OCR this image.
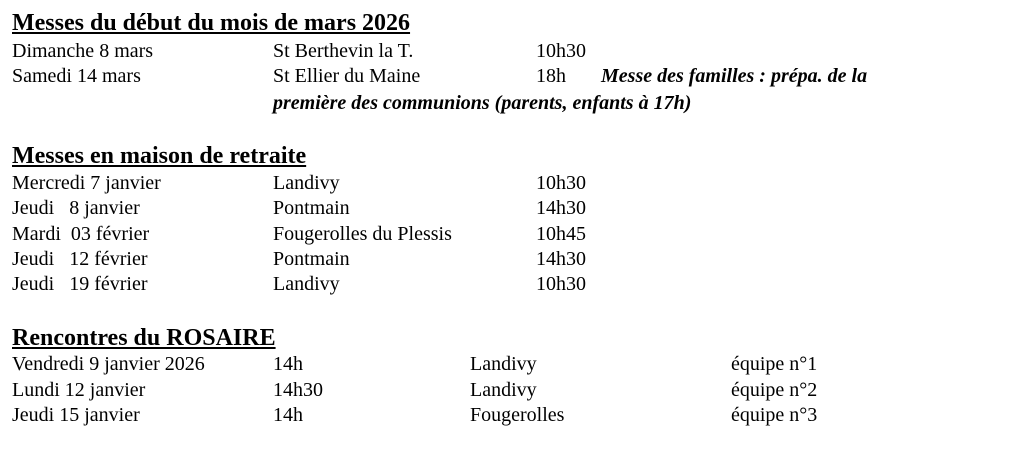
Messes du début du mois de mars 2026
Dimanche 8 mars	St Berthevin la T.	10h30
Samedi 14 mars	St Ellier du Maine	18h Messe des familles : prépa. de la
première des communions (parents, enfants à 17h)
Messes en maison de retraite
Mercredi 7 janvier	Landivy	10h30
Jeudi   8 janvier	Pontmain	14h30
Mardi  03 février	Fougerolles du Plessis	10h45
Jeudi   12 février	Pontmain	14h30
Jeudi   19 février	Landivy	10h30
Rencontres du ROSAIRE
Vendredi 9 janvier 2026	14h	Landivy	équipe n°1
Lundi 12 janvier	14h30	Landivy	équipe n°2
Jeudi 15 janvier	14h	Fougerolles	équipe n°3
